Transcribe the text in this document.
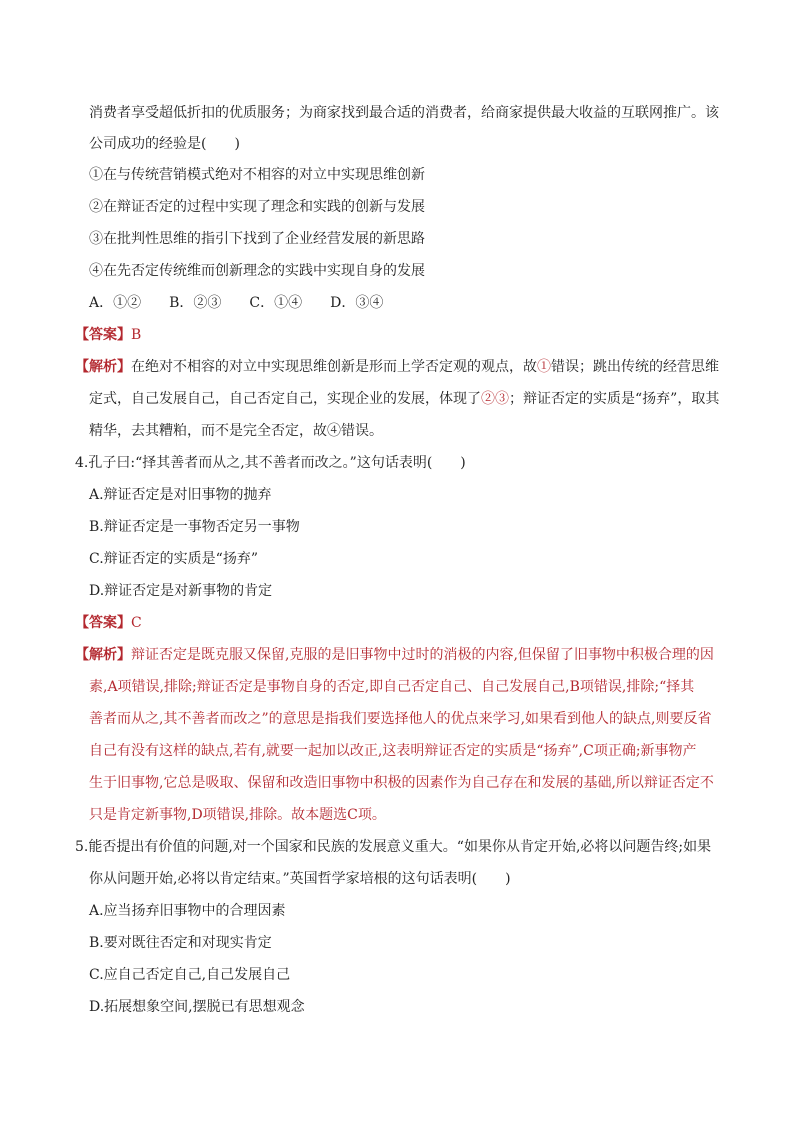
消费者享受超低折扣的优质服务；为商家找到最合适的消费者，给商家提供最大收益的互联网推广。该
公司成功的经验是(　　)
①在与传统营销模式绝对不相容的对立中实现思维创新
②在辩证否定的过程中实现了理念和实践的创新与发展
③在批判性思维的指引下找到了企业经营发展的新思路
④在先否定传统维而创新理念的实践中实现自身的发展
A．①②　　B．②③　　C．①④　　D．③④
【答案】B
【解析】在绝对不相容的对立中实现思维创新是形而上学否定观的观点，故①错误；跳出传统的经营思维
定式，自己发展自己，自己否定自己，实现企业的发展，体现了②③；辩证否定的实质是“扬弃”，取其
精华，去其糟粕，而不是完全否定，故④错误。
4.孔子曰:“择其善者而从之,其不善者而改之。”这句话表明(　　)
A.辩证否定是对旧事物的抛弃
B.辩证否定是一事物否定另一事物
C.辩证否定的实质是“扬弃”
D.辩证否定是对新事物的肯定
【答案】C
【解析】辩证否定是既克服又保留,克服的是旧事物中过时的消极的内容,但保留了旧事物中积极合理的因
素,A项错误,排除;辩证否定是事物自身的否定,即自己否定自己、自己发展自己,B项错误,排除;“择其
善者而从之,其不善者而改之”的意思是指我们要选择他人的优点来学习,如果看到他人的缺点,则要反省
自己有没有这样的缺点,若有,就要一起加以改正,这表明辩证否定的实质是“扬弃”,C项正确;新事物产
生于旧事物,它总是吸取、保留和改造旧事物中积极的因素作为自己存在和发展的基础,所以辩证否定不
只是肯定新事物,D项错误,排除。故本题选C项。
5.能否提出有价值的问题,对一个国家和民族的发展意义重大。“如果你从肯定开始,必将以问题告终;如果
你从问题开始,必将以肯定结束。”英国哲学家培根的这句话表明(　　)
A.应当扬弃旧事物中的合理因素
B.要对既往否定和对现实肯定
C.应自己否定自己,自己发展自己
D.拓展想象空间,摆脱已有思想观念
